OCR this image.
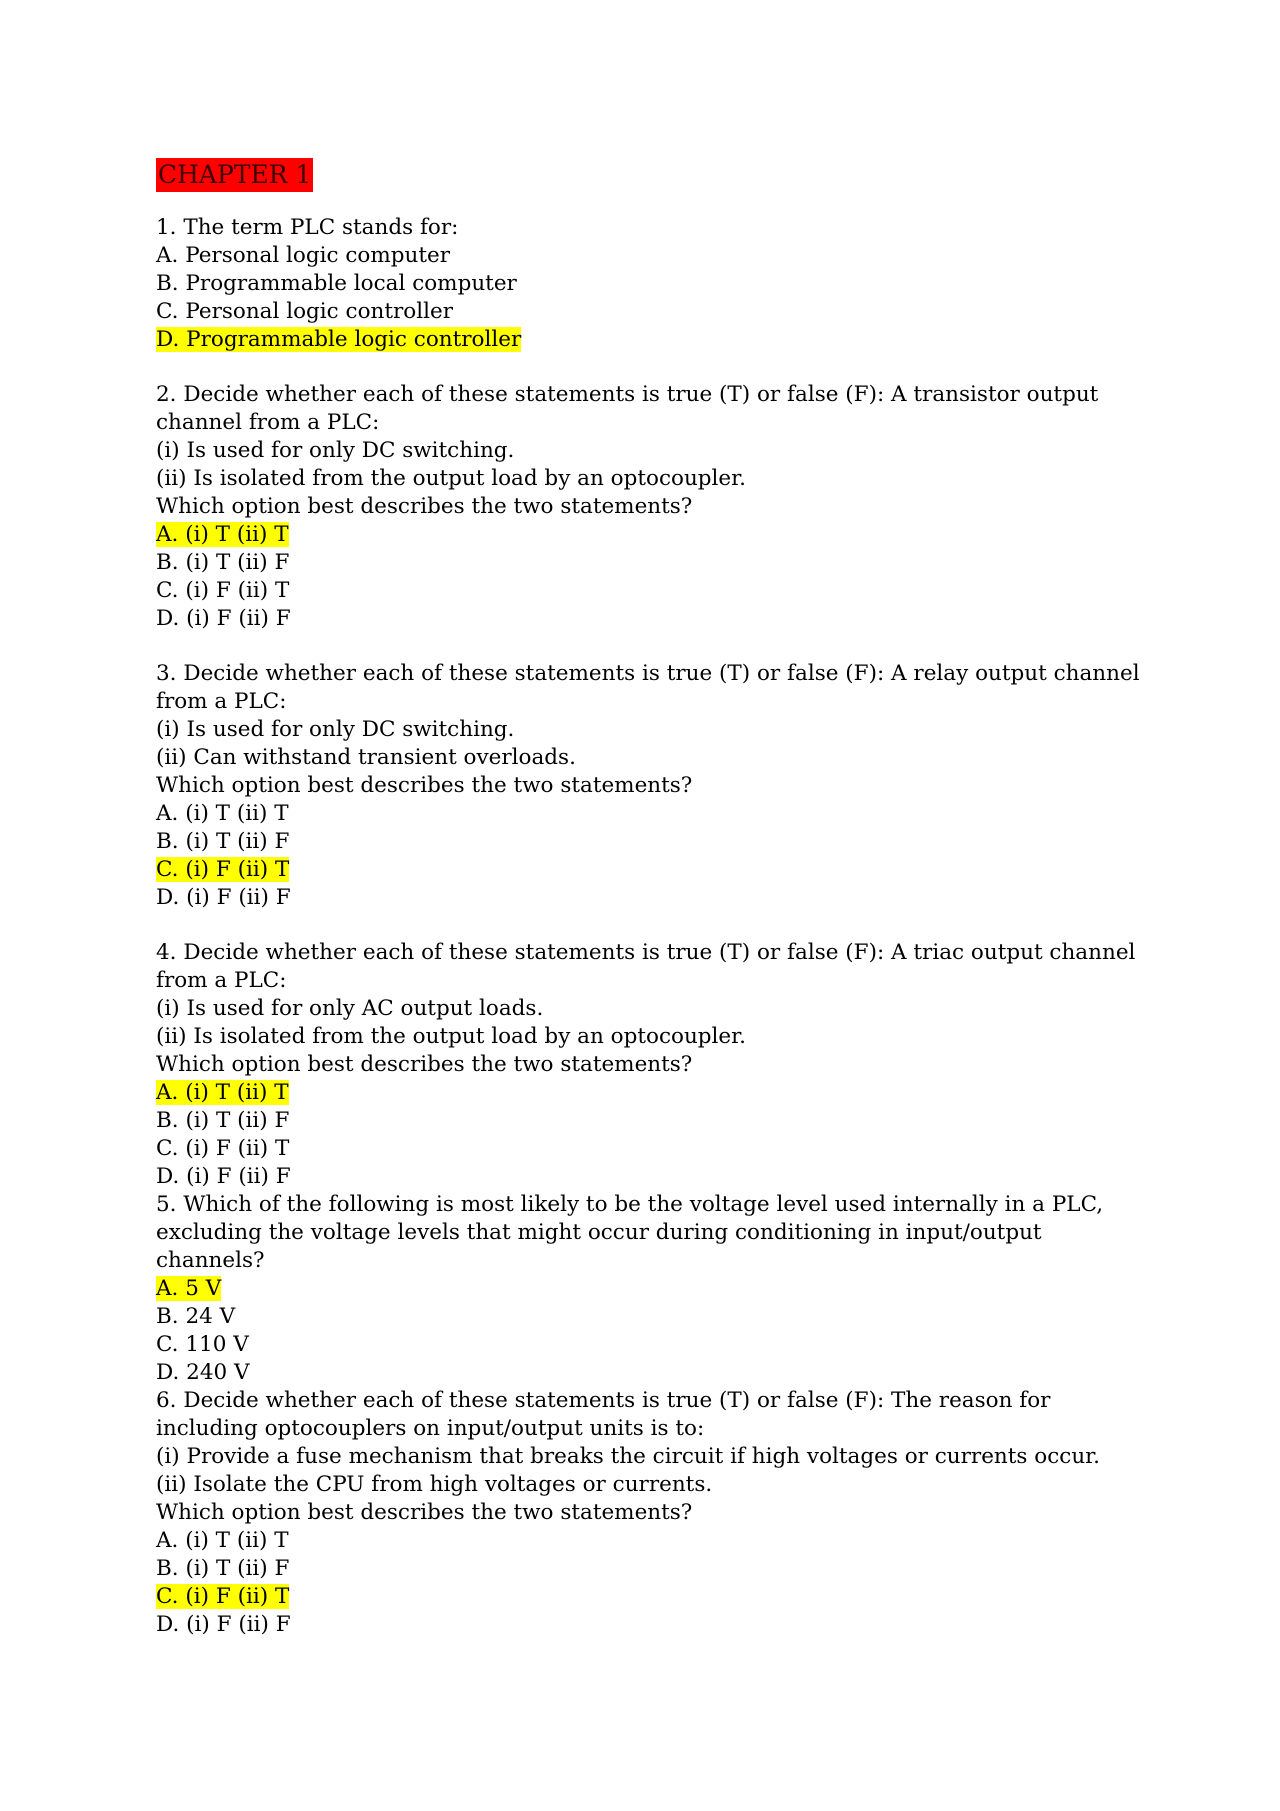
CHAPTER 1
1. The term PLC stands for:
A. Personal logic computer
B. Programmable local computer
C. Personal logic controller
D. Programmable logic controller
2. Decide whether each of these statements is true (T) or false (F): A transistor output channel from a PLC:
(i) Is used for only DC switching.
(ii) Is isolated from the output load by an optocoupler.
Which option best describes the two statements?
A. (i) T (ii) T
B. (i) T (ii) F
C. (i) F (ii) T
D. (i) F (ii) F
3. Decide whether each of these statements is true (T) or false (F): A relay output channel from a PLC:
(i) Is used for only DC switching.
(ii) Can withstand transient overloads.
Which option best describes the two statements?
A. (i) T (ii) T
B. (i) T (ii) F
C. (i) F (ii) T
D. (i) F (ii) F
4. Decide whether each of these statements is true (T) or false (F): A triac output channel from a PLC:
(i) Is used for only AC output loads.
(ii) Is isolated from the output load by an optocoupler.
Which option best describes the two statements?
A. (i) T (ii) T
B. (i) T (ii) F
C. (i) F (ii) T
D. (i) F (ii) F
5. Which of the following is most likely to be the voltage level used internally in a PLC, excluding the voltage levels that might occur during conditioning in input/output channels?
A. 5 V
B. 24 V
C. 110 V
D. 240 V
6. Decide whether each of these statements is true (T) or false (F): The reason for including optocouplers on input/output units is to:
(i) Provide a fuse mechanism that breaks the circuit if high voltages or currents occur.
(ii) Isolate the CPU from high voltages or currents.
Which option best describes the two statements?
A. (i) T (ii) T
B. (i) T (ii) F
C. (i) F (ii) T
D. (i) F (ii) F
